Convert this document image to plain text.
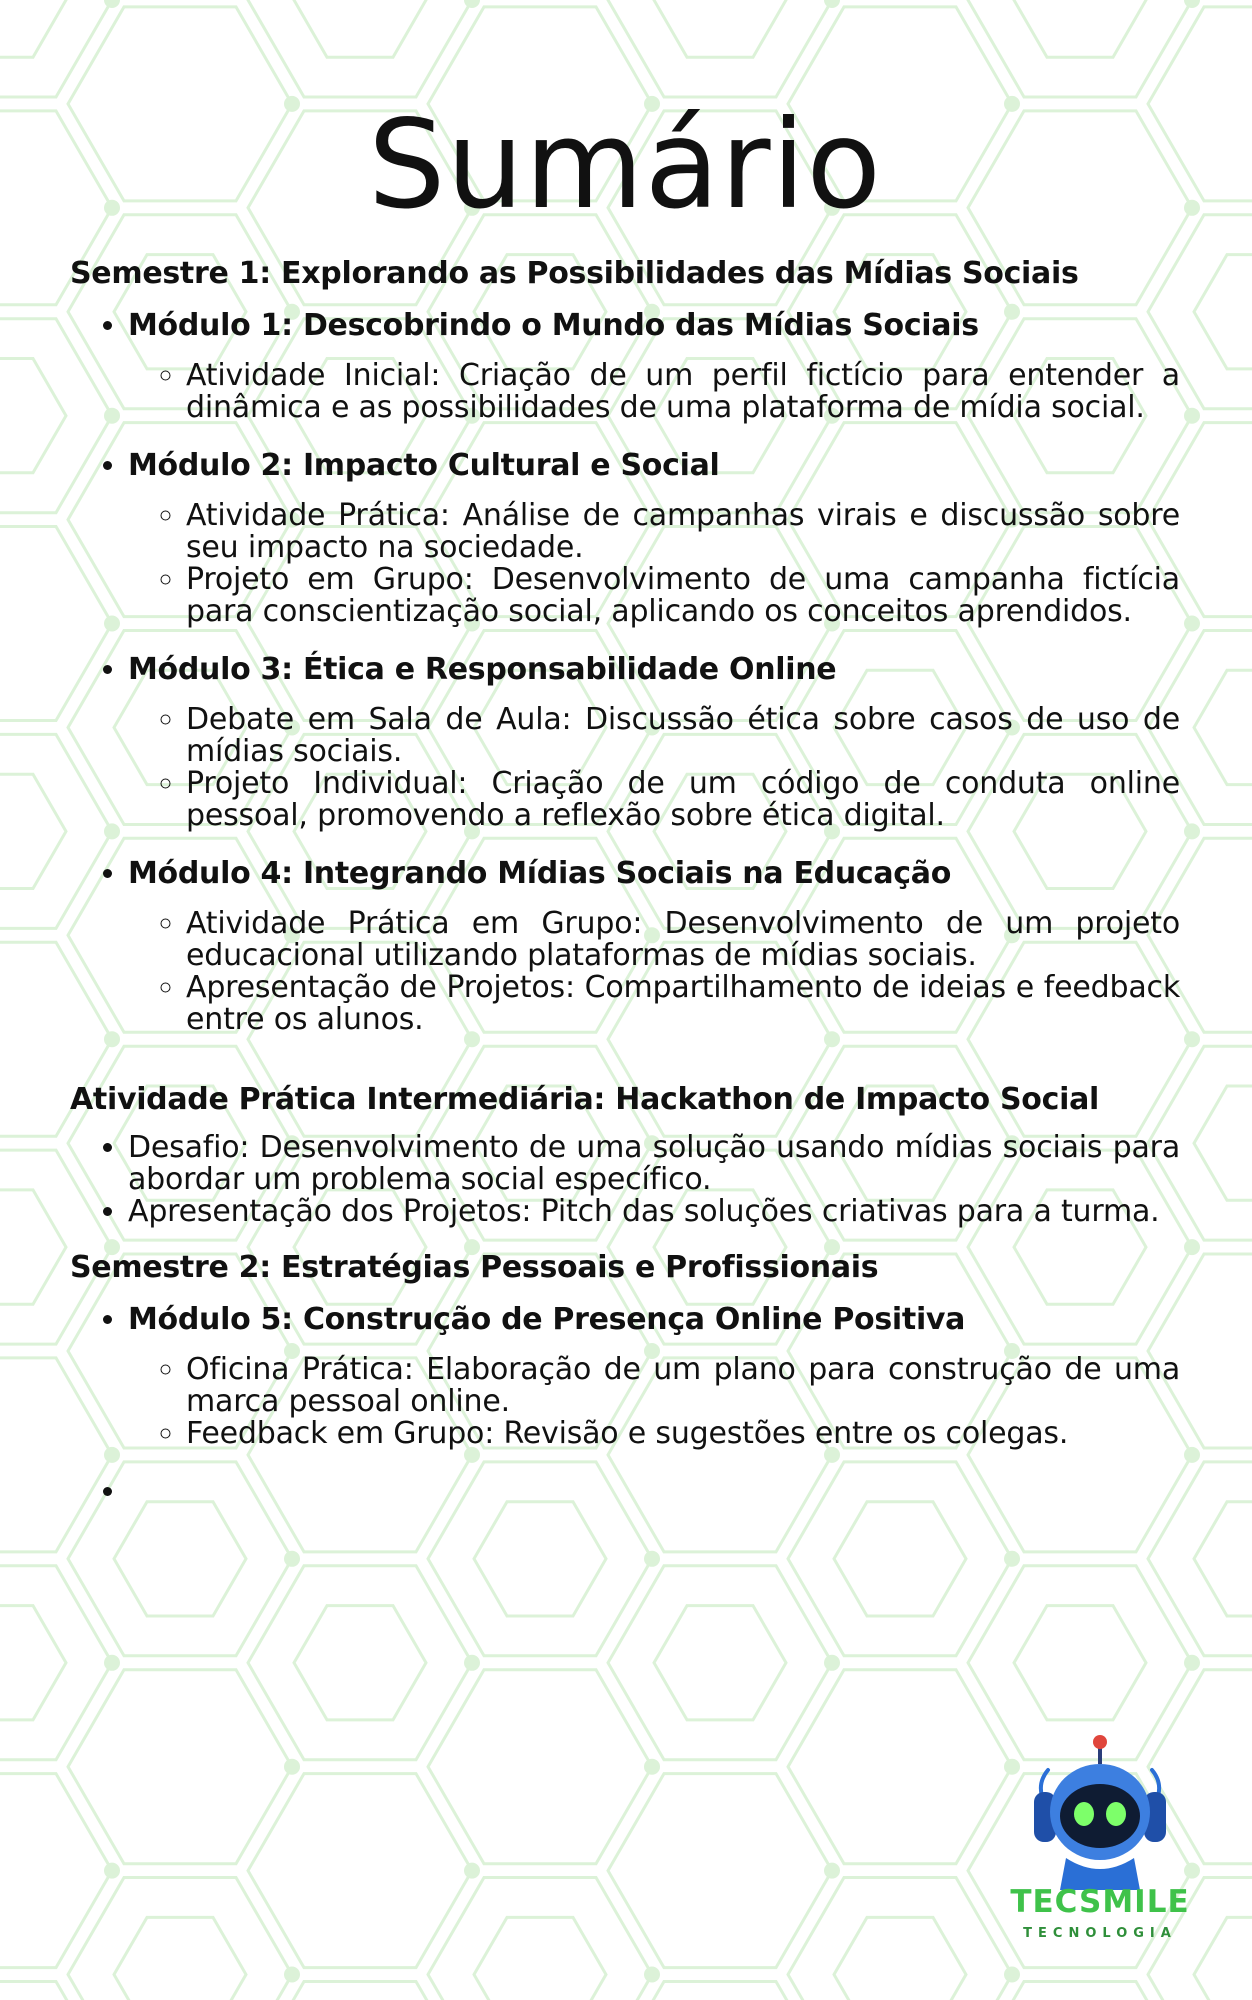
Sumário
Semestre 1: Explorando as Possibilidades das Mídias Sociais
• Módulo 1: Descobrindo o Mundo das Mídias Sociais
◦ Atividade Inicial: Criação de um perfil fictício para entender a dinâmica e as possibilidades de uma plataforma de mídia social.
• Módulo 2: Impacto Cultural e Social
◦ Atividade Prática: Análise de campanhas virais e discussão sobre seu impacto na sociedade.
◦ Projeto em Grupo: Desenvolvimento de uma campanha fictícia para conscientização social, aplicando os conceitos aprendidos.
• Módulo 3: Ética e Responsabilidade Online
◦ Debate em Sala de Aula: Discussão ética sobre casos de uso de mídias sociais.
◦ Projeto Individual: Criação de um código de conduta online pessoal, promovendo a reflexão sobre ética digital.
• Módulo 4: Integrando Mídias Sociais na Educação
◦ Atividade Prática em Grupo: Desenvolvimento de um projeto educacional utilizando plataformas de mídias sociais.
◦ Apresentação de Projetos: Compartilhamento de ideias e feedback entre os alunos.
Atividade Prática Intermediária: Hackathon de Impacto Social
• Desafio: Desenvolvimento de uma solução usando mídias sociais para abordar um problema social específico.
• Apresentação dos Projetos: Pitch das soluções criativas para a turma.
Semestre 2: Estratégias Pessoais e Profissionais
• Módulo 5: Construção de Presença Online Positiva
◦ Oficina Prática: Elaboração de um plano para construção de uma marca pessoal online.
◦ Feedback em Grupo: Revisão e sugestões entre os colegas.
•
TECSMILE
TECNOLOGIA
